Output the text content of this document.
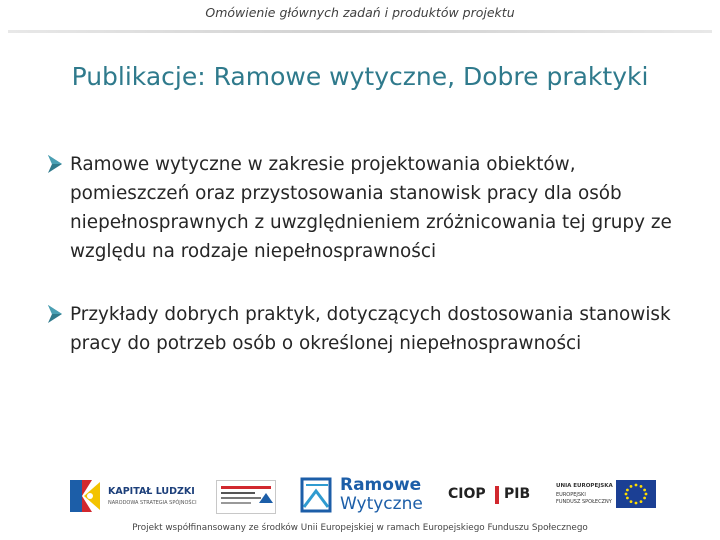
Omówienie głównych zadań i produktów projektu
Publikacje: Ramowe wytyczne, Dobre praktyki
Ramowe wytyczne w zakresie projektowania obiektów, pomieszczeń oraz przystosowania stanowisk pracy dla osób niepełnosprawnych z uwzględnieniem zróżnicowania tej grupy ze względu na rodzaje niepełnosprawności
Przykłady dobrych praktyk, dotyczących dostosowania stanowisk pracy do potrzeb osób o określonej niepełnosprawności
KAPITAŁ LUDZKI
NARODOWA STRATEGIA SPÓJNOŚCI
Ramowe
Wytyczne CIOP PIB	UNIA EUROPEJSKA
EUROPEJSKI
FUNDUSZ SPOŁECZNY
Projekt współfinansowany ze środków Unii Europejskiej w ramach Europejskiego Funduszu Społecznego
